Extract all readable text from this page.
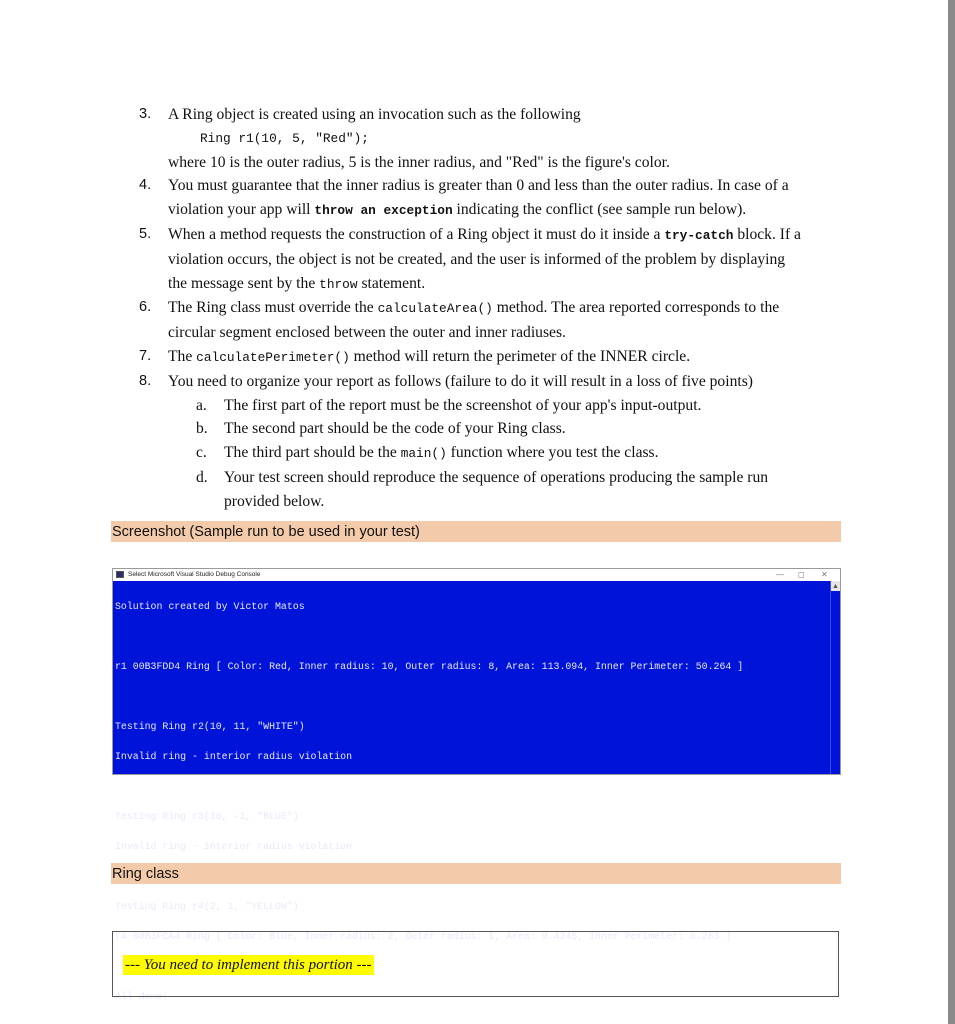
3. A Ring object is created using an invocation such as the following
Ring r1(10, 5, "Red");
where 10 is the outer radius, 5 is the inner radius, and "Red" is the figure's color.
4. You must guarantee that the inner radius is greater than 0 and less than the outer radius. In case of a
violation your app will throw an exception indicating the conflict (see sample run below).
5. When a method requests the construction of a Ring object it must do it inside a try-catch block. If a
violation occurs, the object is not be created, and the user is informed of the problem by displaying
the message sent by the throw statement.
6. The Ring class must override the calculateArea() method. The area reported corresponds to the
circular segment enclosed between the outer and inner radiuses.
7. The calculatePerimeter() method will return the perimeter of the INNER circle.
8. You need to organize your report as follows (failure to do it will result in a loss of five points)
a. The first part of the report must be the screenshot of your app's input-output.
b. The second part should be the code of your Ring class.
c. The third part should be the main() function where you test the class.
d. Your test screen should reproduce the sequence of operations producing the sample run
provided below.
Screenshot (Sample run to be used in your test)
Select Microsoft Visual Studio Debug Console	— ◻ ✕

Solution created by Victor Matos

r1 00B3FDD4 Ring [ Color: Red, Inner radius: 10, Outer radius: 8, Area: 113.094, Inner Perimeter: 50.264 ]

Testing Ring r2(10, 11, "WHITE")

Invalid ring - interior radius violation

Testing Ring r3(10, -1, "BLUE")

Invalid ring - interior radius violation

Testing Ring r4(2, 1, "YELLOW")

r4 00B3FCA4 Ring [ Color: Blue, Inner radius: 2, Outer radius: 1, Area: 9.4245, Inner Perimeter: 6.283 ]

All done!

▲
Ring class
--- You need to implement this portion ---
